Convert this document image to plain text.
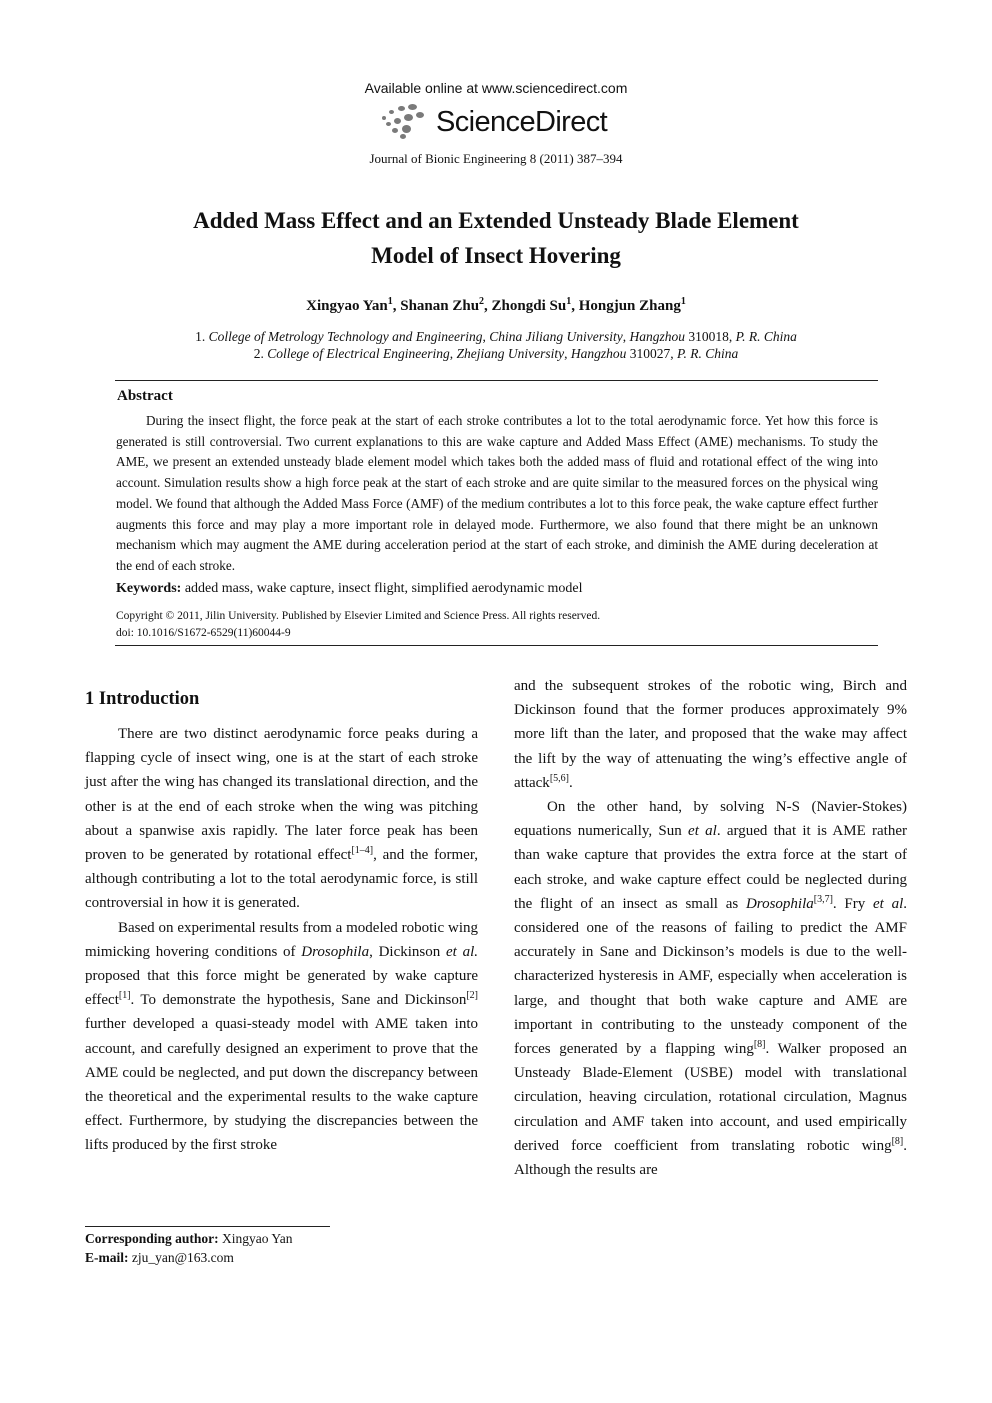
Available online at www.sciencedirect.com
ScienceDirect
Journal of Bionic Engineering 8 (2011) 387–394
Added Mass Effect and an Extended Unsteady Blade Element
Model of Insect Hovering
Xingyao Yan$^1$, Shanan Zhu$^2$, Zhongdi Su$^1$, Hongjun Zhang$^1$
1. College of Metrology Technology and Engineering, China Jiliang University, Hangzhou 310018, P. R. China
2. College of Electrical Engineering, Zhejiang University, Hangzhou 310027, P. R. China
Abstract
During the insect flight, the force peak at the start of each stroke contributes a lot to the total aerodynamic force. Yet how this force is generated is still controversial. Two current explanations to this are wake capture and Added Mass Effect (AME) mechanisms. To study the AME, we present an extended unsteady blade element model which takes both the added mass of fluid and rotational effect of the wing into account. Simulation results show a high force peak at the start of each stroke and are quite similar to the measured forces on the physical wing model. We found that although the Added Mass Force (AMF) of the medium contributes a lot to this force peak, the wake capture effect further augments this force and may play a more important role in delayed mode. Furthermore, we also found that there might be an unknown mechanism which may augment the AME during acceleration period at the start of each stroke, and diminish the AME during deceleration at the end of each stroke.
Keywords: added mass, wake capture, insect flight, simplified aerodynamic model
Copyright © 2011, Jilin University. Published by Elsevier Limited and Science Press. All rights reserved.
doi: 10.1016/S1672-6529(11)60044-9
1 Introduction

There are two distinct aerodynamic force peaks during a flapping cycle of insect wing, one is at the start of each stroke just after the wing has changed its translational direction, and the other is at the end of each stroke when the wing was pitching about a spanwise axis rapidly. The later force peak has been proven to be generated by rotational effect[1–4], and the former, although contributing a lot to the total aerodynamic force, is still controversial in how it is generated.

Based on experimental results from a modeled robotic wing mimicking hovering conditions of Drosophila, Dickinson et al. proposed that this force might be generated by wake capture effect[1]. To demonstrate the hypothesis, Sane and Dickinson[2] further developed a quasi-steady model with AME taken into account, and carefully designed an experiment to prove that the AME could be neglected, and put down the discrepancy between the theoretical and the experimental results to the wake capture effect. Furthermore, by studying the discrepancies between the lifts produced by the first stroke

and the subsequent strokes of the robotic wing, Birch and Dickinson found that the former produces approximately 9% more lift than the later, and proposed that the wake may affect the lift by the way of attenuating the wing’s effective angle of attack[5,6].

On the other hand, by solving N-S (Navier-Stokes) equations numerically, Sun et al. argued that it is AME rather than wake capture that provides the extra force at the start of each stroke, and wake capture effect could be neglected during the flight of an insect as small as Drosophila[3,7]. Fry et al. considered one of the reasons of failing to predict the AMF accurately in Sane and Dickinson’s models is due to the well-characterized hysteresis in AMF, especially when acceleration is large, and thought that both wake capture and AME are important in contributing to the unsteady component of the forces generated by a flapping wing[8]. Walker proposed an Unsteady Blade-Element (USBE) model with translational circulation, heaving circulation, rotational circulation, Magnus circulation and AMF taken into account, and used empirically derived force coefficient from translating robotic wing[8]. Although the results are

Corresponding author: Xingyao Yan
E-mail: zju_yan@163.com
